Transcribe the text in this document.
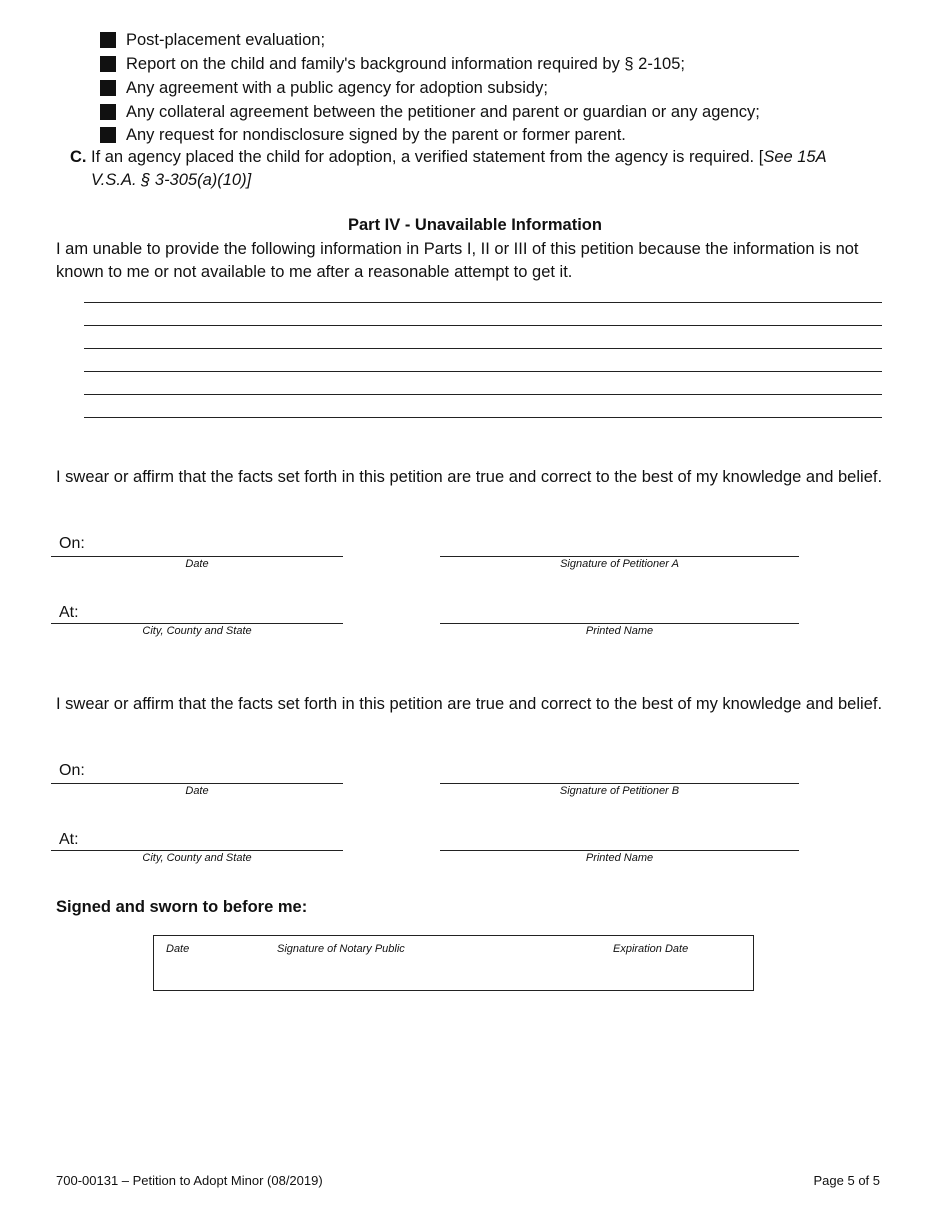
Post-placement evaluation;
Report on the child and family's background information required by § 2-105;
Any agreement with a public agency for adoption subsidy;
Any collateral agreement between the petitioner and parent or guardian or any agency;
Any request for nondisclosure signed by the parent or former parent.
C. If an agency placed the child for adoption, a verified statement from the agency is required. [See 15A V.S.A. § 3-305(a)(10)]
Part IV - Unavailable Information
I am unable to provide the following information in Parts I, II or III of this petition because the information is not known to me or not available to me after a reasonable attempt to get it.
I swear or affirm that the facts set forth in this petition are true and correct to the best of my knowledge and belief.
On:
Date	Signature of Petitioner A
At:
City, County and State	Printed Name
I swear or affirm that the facts set forth in this petition are true and correct to the best of my knowledge and belief.
On:
Date	Signature of Petitioner B
At:
City, County and State	Printed Name
Signed and sworn to before me:
Date	Signature of Notary Public	Expiration Date
700-00131 – Petition to Adopt Minor (08/2019)	Page 5 of 5
